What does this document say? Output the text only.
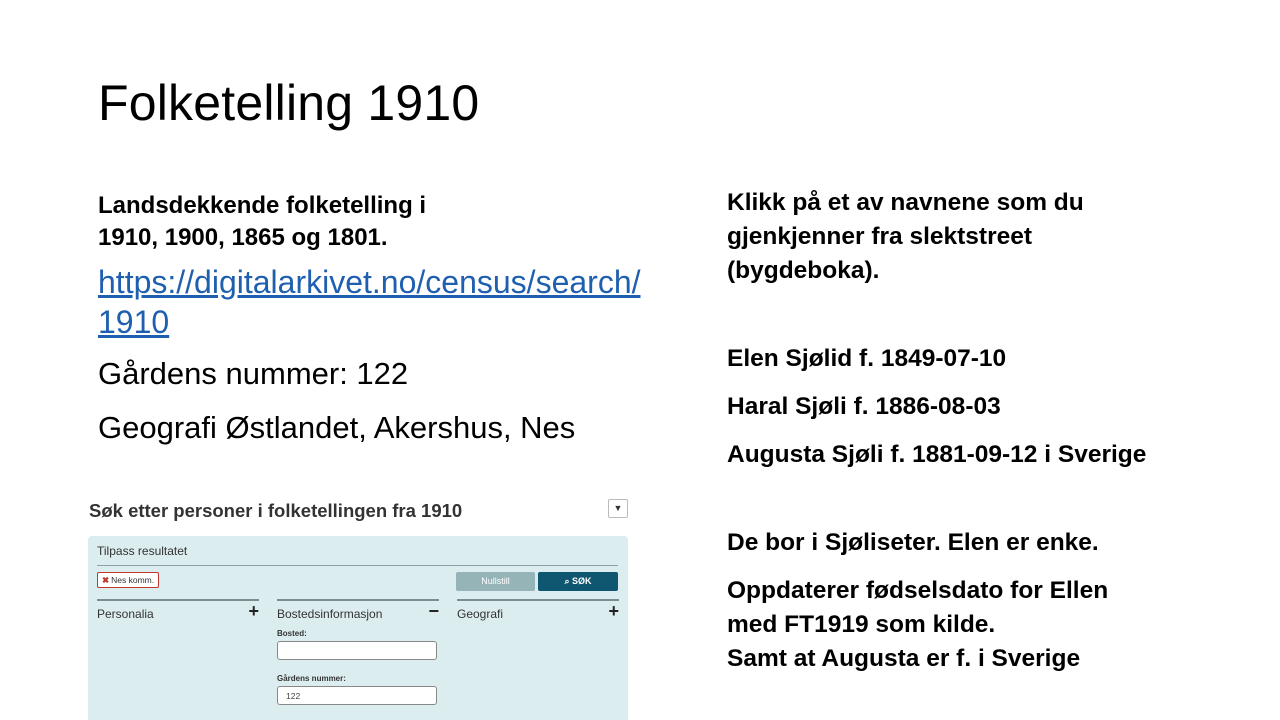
Folketelling 1910

Landsdekkende folketelling i
1910, 1900, 1865 og 1801.

https://digitalarkivet.no/census/search/
1910
Gårdens nummer: 122
Geografi Østlandet, Akershus, Nes

Klikk på et av navnene som du
gjenkjenner fra slektstreet
(bygdeboka).

Elen Sjølid f. 1849-07-10

Haral Sjøli f. 1886-08-03

Augusta Sjøli f. 1881-09-12 i Sverige

De bor i Sjøliseter. Elen er enke.

Oppdaterer fødselsdato for Ellen
med FT1919 som kilde.
Samt at Augusta er f. i Sverige

Søk etter personer i folketellingen fra 1910	▼
Tilpass resultatet
✖ Nes komm.	Nullstill	⌕ SØK
Personalia	+ Bostedsinformasjon	−
Bosted:
Gårdens nummer:
122
Geografi	+
